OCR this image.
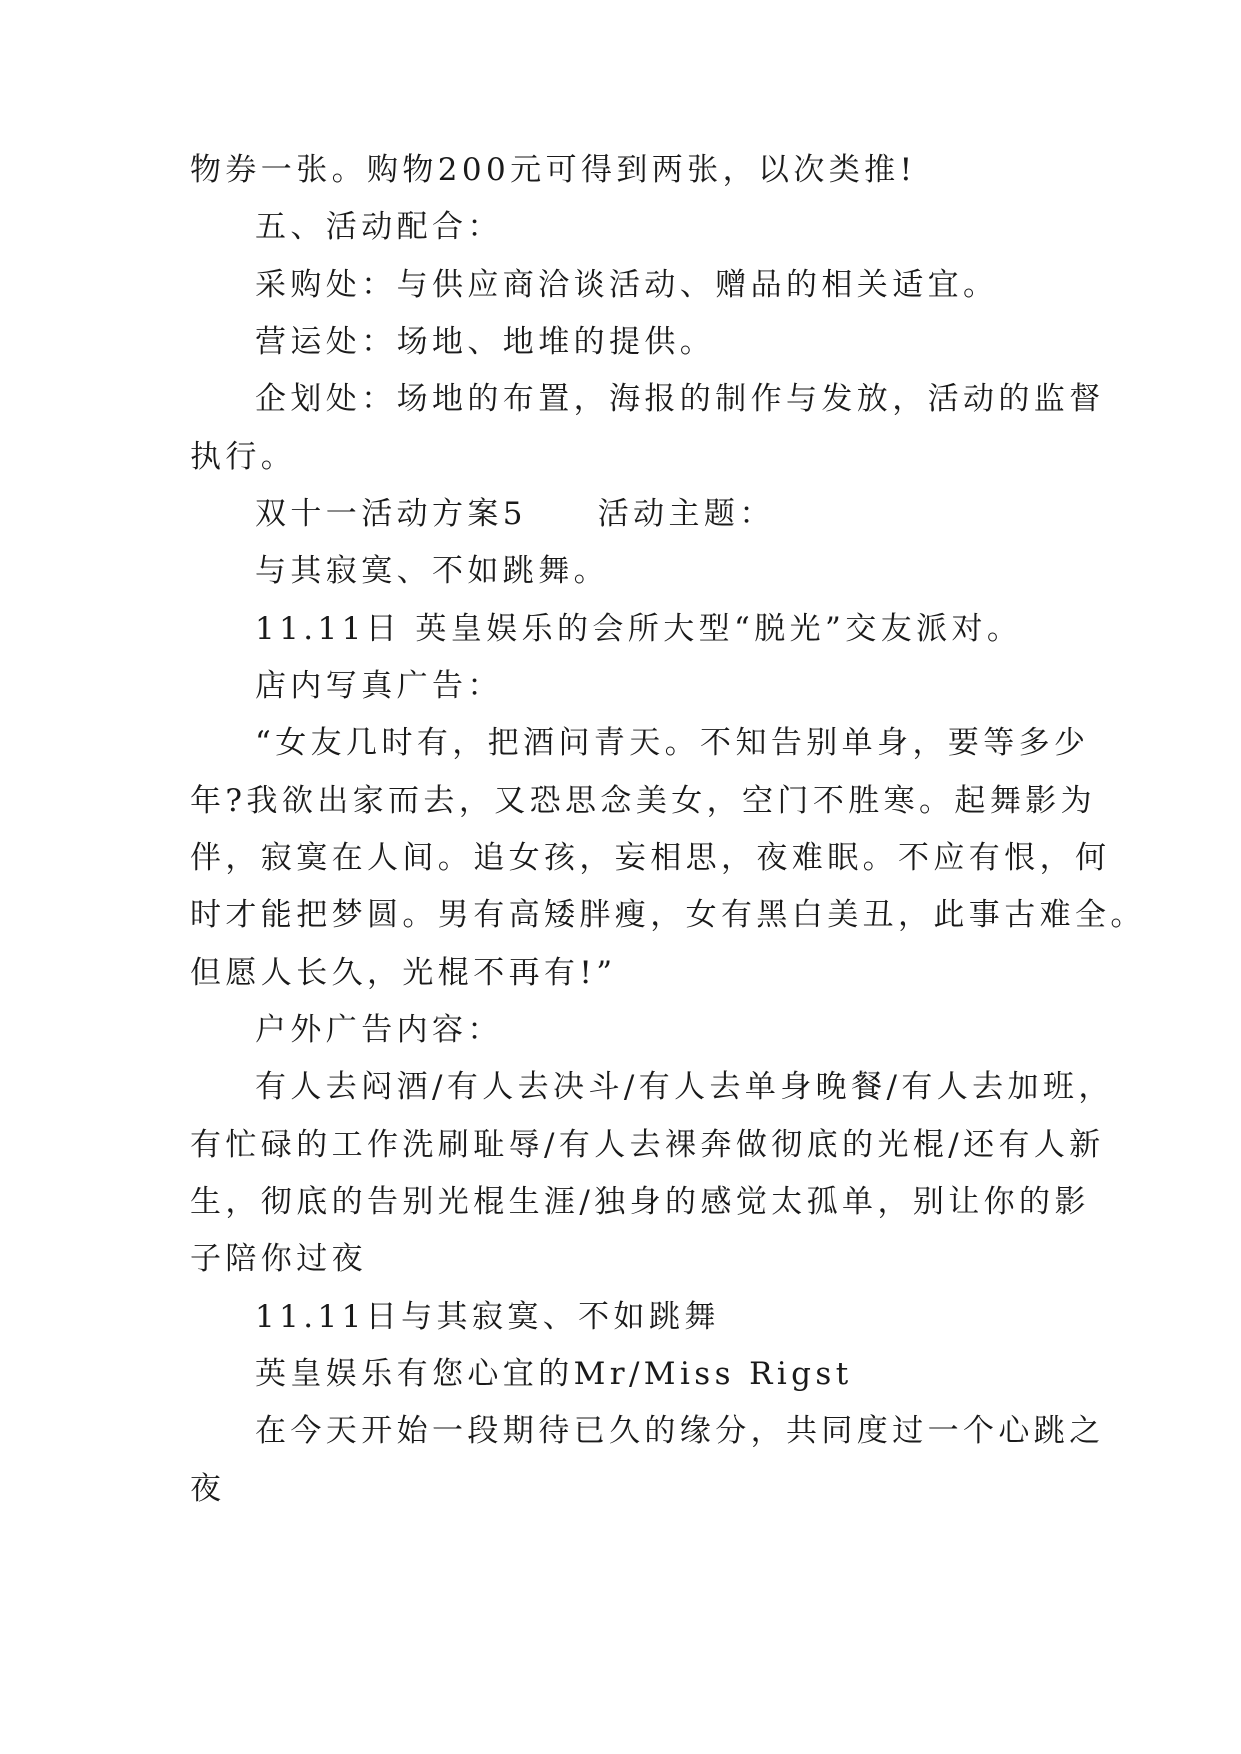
物券一张。购物200元可得到两张，以次类推!
五、活动配合：
采购处：与供应商洽谈活动、赠品的相关适宜。
营运处：场地、地堆的提供。
企划处：场地的布置，海报的制作与发放，活动的监督
执行。
双十一活动方案5　　活动主题：
与其寂寞、不如跳舞。
11.11日 英皇娱乐的会所大型“脱光”交友派对。
店内写真广告：
“女友几时有，把酒问青天。不知告别单身，要等多少
年?我欲出家而去，又恐思念美女，空门不胜寒。起舞影为
伴，寂寞在人间。追女孩，妄相思，夜难眠。不应有恨，何
时才能把梦圆。男有高矮胖瘦，女有黑白美丑，此事古难全。
但愿人长久，光棍不再有!”
户外广告内容：
有人去闷酒/有人去决斗/有人去单身晚餐/有人去加班，
有忙碌的工作洗刷耻辱/有人去裸奔做彻底的光棍/还有人新
生，彻底的告别光棍生涯/独身的感觉太孤单，别让你的影
子陪你过夜
11.11日与其寂寞、不如跳舞
英皇娱乐有您心宜的Mr/Miss Rigst
在今天开始一段期待已久的缘分，共同度过一个心跳之
夜
